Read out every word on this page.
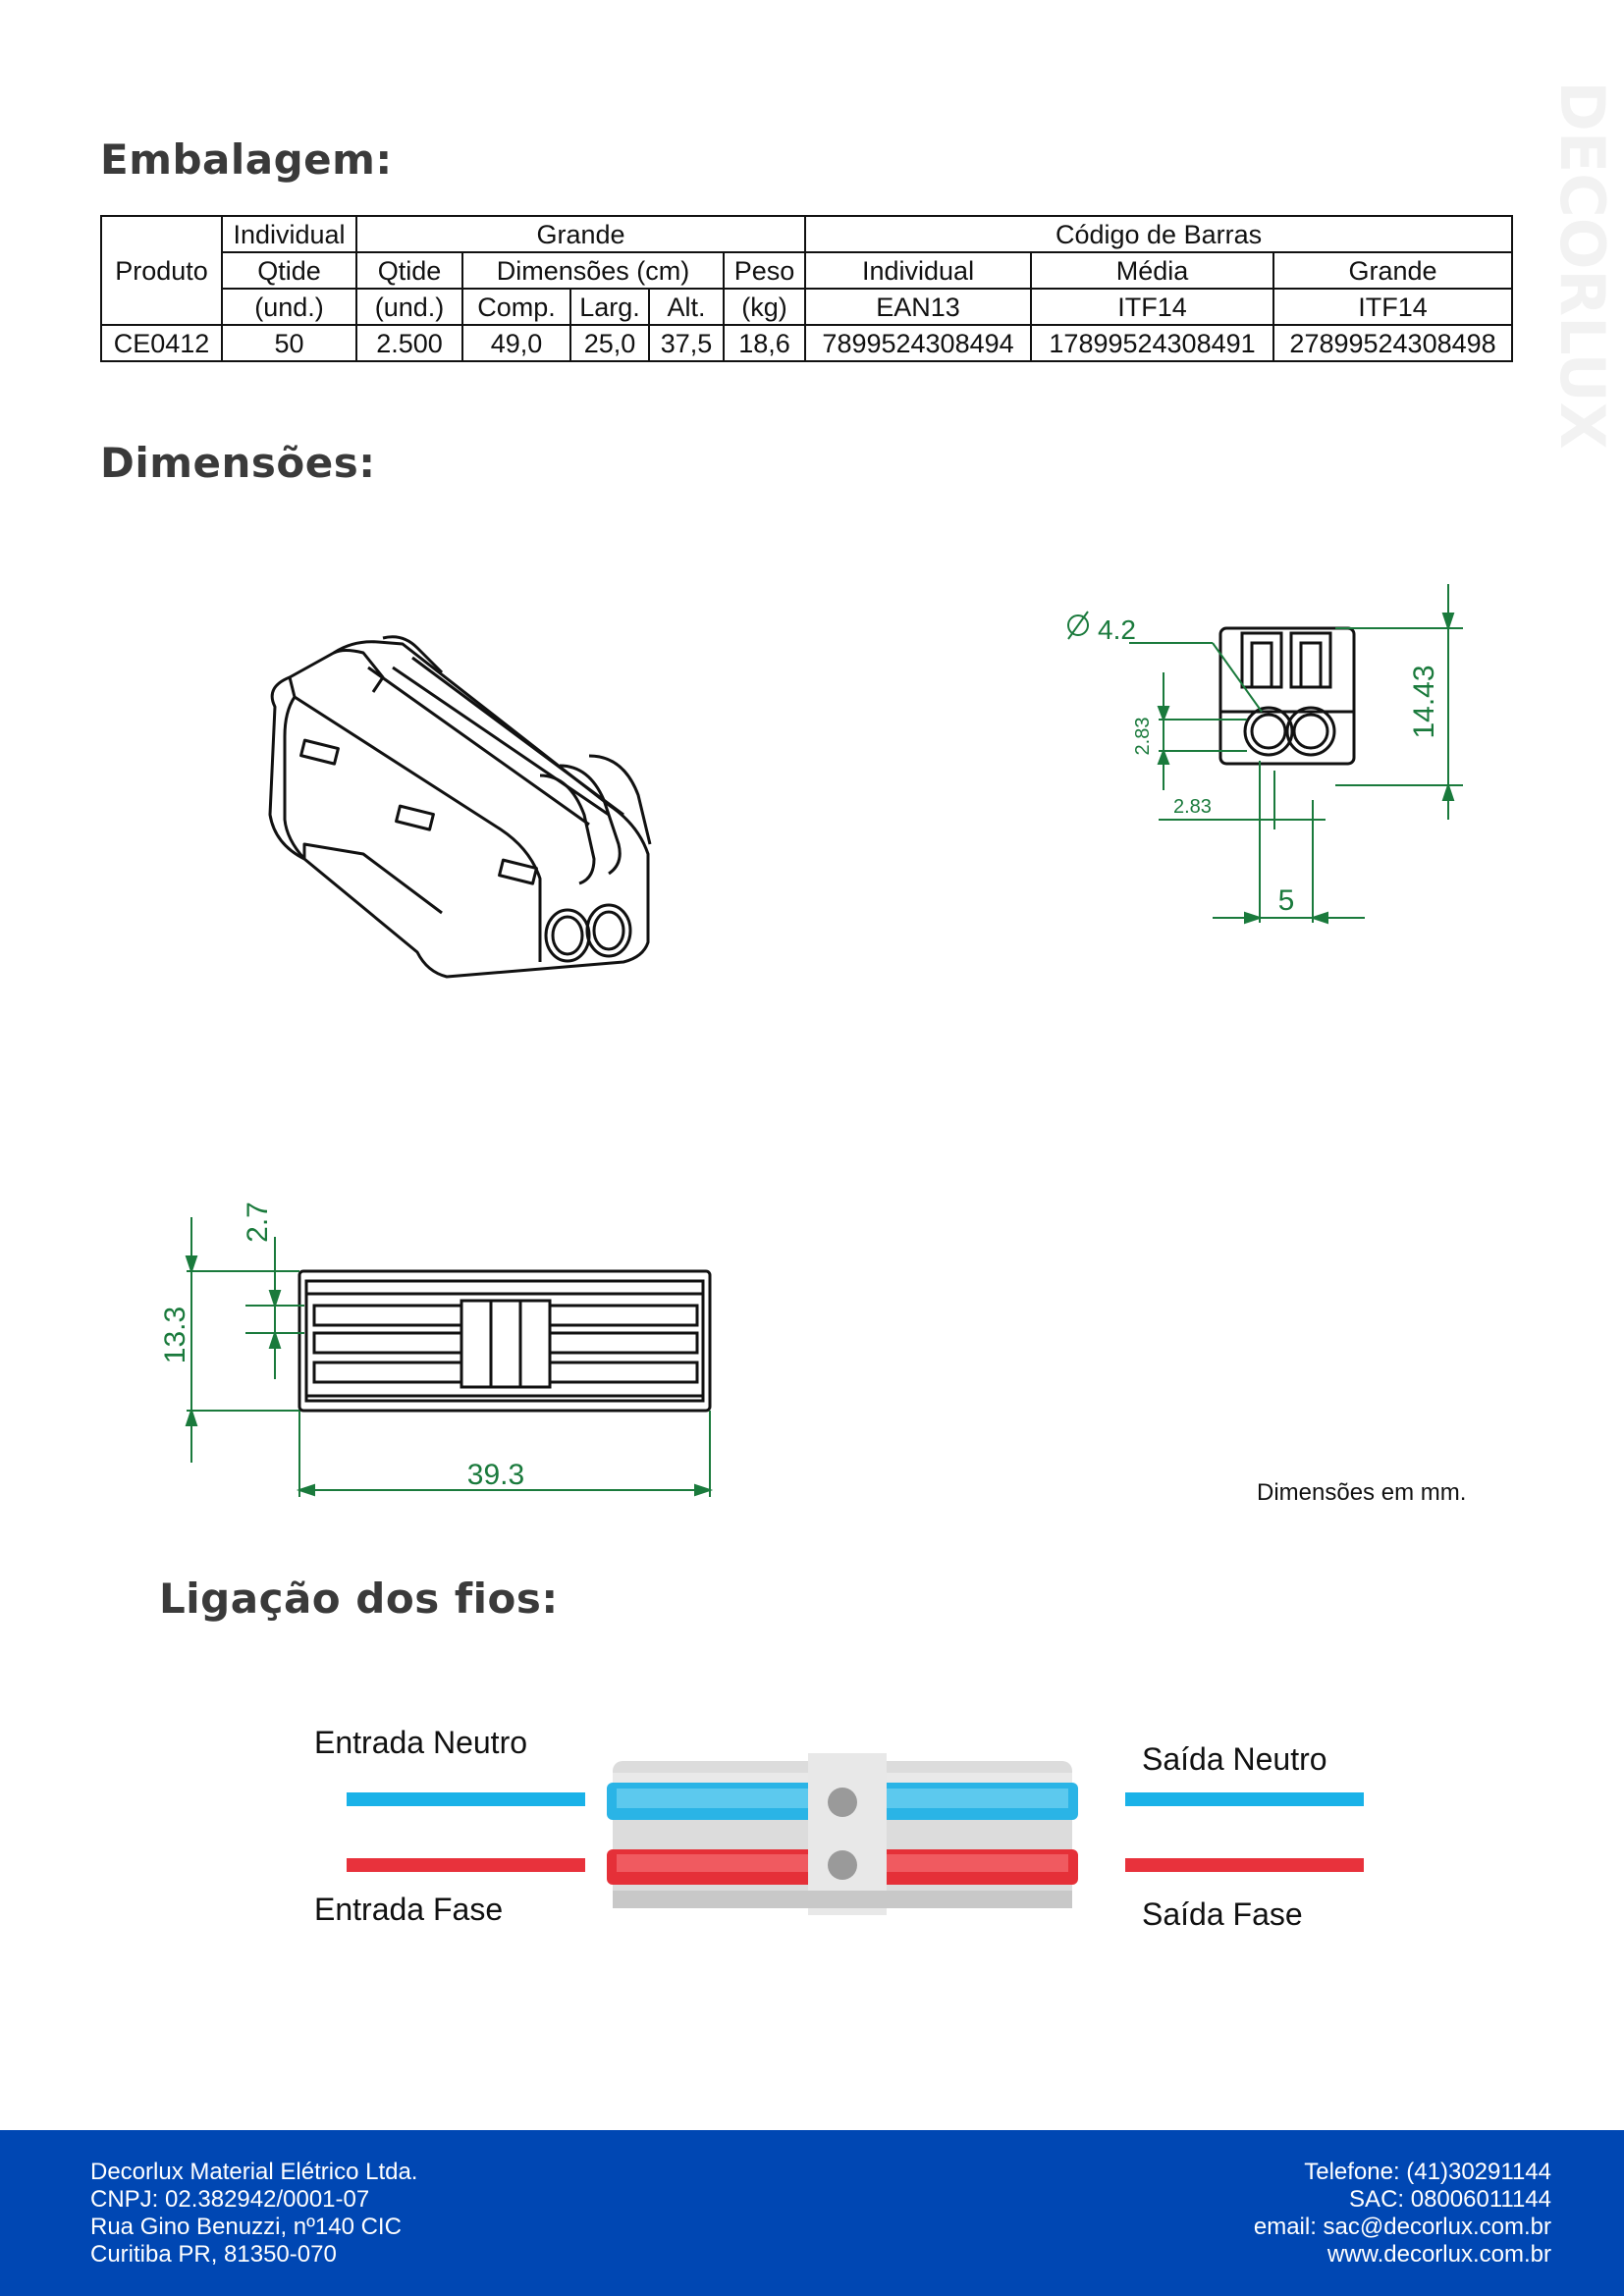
DECORLUX
Embalagem:
Produto	Individual	Grande					Código de Barras		
	Qtide	Qtide	Dimensões (cm)			Peso	Individual	Média	Grande
	(und.)	(und.)	Comp.	Larg.	Alt.	(kg)	EAN13	ITF14	ITF14
CE0412	50	2.500	49,0	25,0	37,5	18,6	7899524308494	17899524308491	27899524308498
Dimensões:
4.2
14.43
2.83
2.83
5
2.7
13.3
39.3
Dimensões em mm.
Ligação dos fios:
Entrada Neutro
Entrada Fase
Saída Neutro
Saída Fase
Decorlux Material Elétrico Ltda.
CNPJ: 02.382942/0001-07
Rua Gino Benuzzi, nº140 CIC
Curitiba PR, 81350-070
Telefone: (41)30291144
SAC: 08006011144
email: sac@decorlux.com.br
www.decorlux.com.br
